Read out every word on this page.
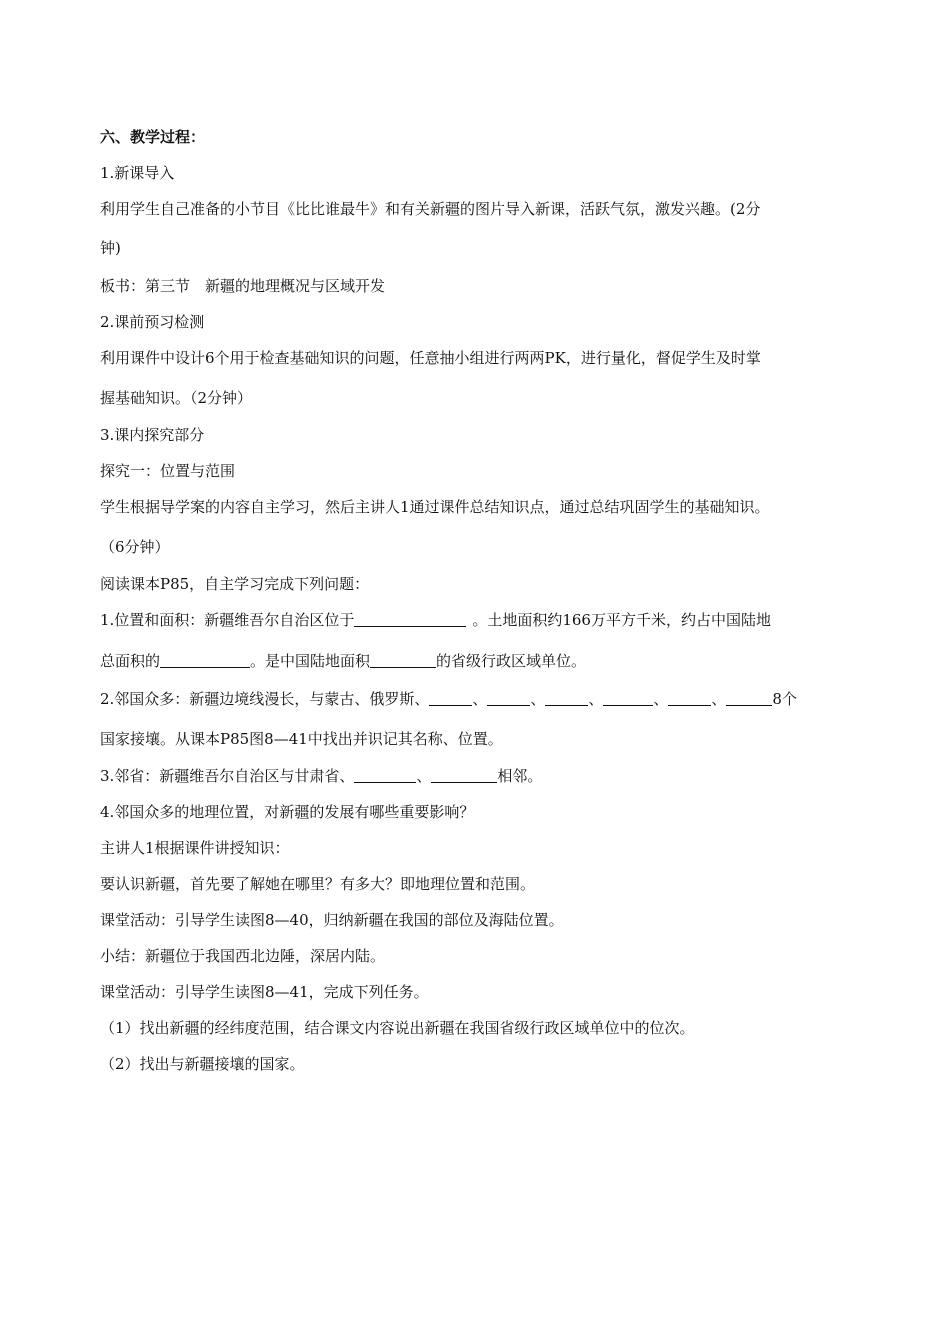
六、教学过程：
1.新课导入
利用学生自己准备的小节目《比比谁最牛》和有关新疆的图片导入新课，活跃气氛，激发兴趣。(2分
钟)
板书：第三节　新疆的地理概况与区域开发
2.课前预习检测
利用课件中设计6个用于检查基础知识的问题，任意抽小组进行两两PK，进行量化，督促学生及时掌
握基础知识。（2分钟）
3.课内探究部分
探究一：位置与范围
学生根据导学案的内容自主学习，然后主讲人1通过课件总结知识点，通过总结巩固学生的基础知识。
（6分钟）
阅读课本P85，自主学习完成下列问题：
1.位置和面积：新疆维吾尔自治区位于	。土地面积约166万平方千米，约占中国陆地
总面积的	。是中国陆地面积	的省级行政区域单位。
2.邻国众多：新疆边境线漫长，与蒙古、俄罗斯、	、	、	、	、	、	8个
国家接壤。从课本P85图8—41中找出并识记其名称、位置。
3.邻省：新疆维吾尔自治区与甘肃省、	、	相邻。
4.邻国众多的地理位置，对新疆的发展有哪些重要影响？
主讲人1根据课件讲授知识：
要认识新疆，首先要了解她在哪里？有多大？即地理位置和范围。
课堂活动：引导学生读图8—40，归纳新疆在我国的部位及海陆位置。
小结：新疆位于我国西北边陲，深居内陆。
课堂活动：引导学生读图8—41，完成下列任务。
（1）找出新疆的经纬度范围，结合课文内容说出新疆在我国省级行政区域单位中的位次。
（2）找出与新疆接壤的国家。
